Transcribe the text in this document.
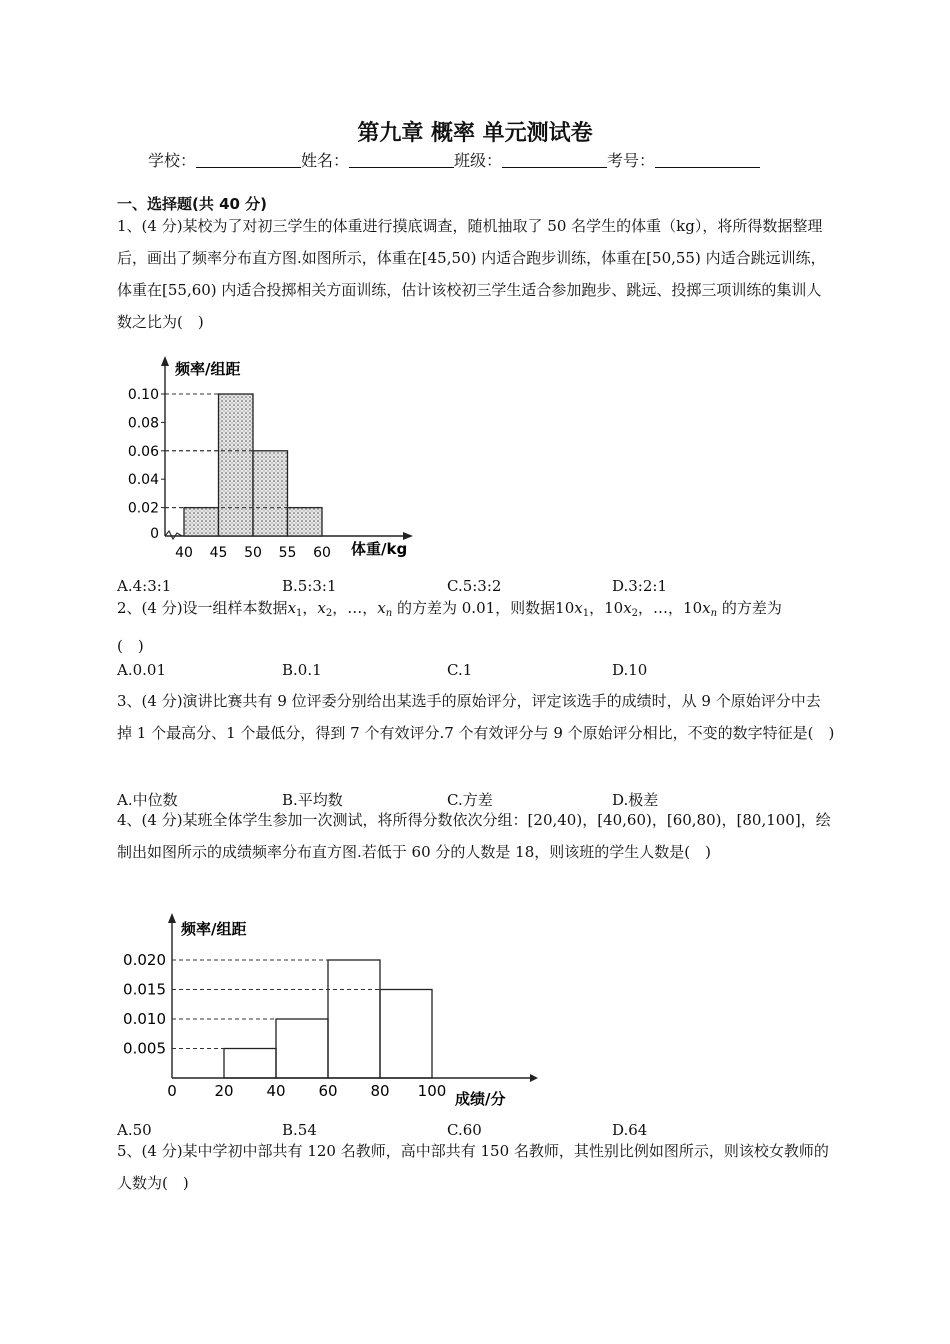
第九章 概率 单元测试卷
学校：	姓名：	班级：	考号：
一、选择题(共 40 分)
1、(4 分)某校为了对初三学生的体重进行摸底调查，随机抽取了 50 名学生的体重（kg），将所得数据整理后，画出了频率分布直方图.如图所示，体重在[45,50) 内适合跑步训练，体重在[50,55) 内适合跳远训练，体重在[55,60) 内适合投掷相关方面训练，估计该校初三学生适合参加跑步、跳远、投掷三项训练的集训人数之比为(　)
0
0.02
0.04
0.06
0.08
0.10
40 45 50 55 60
频率/组距
体重/kg
A.4:3:1	B.5:3:1	C.5:3:2	D.3:2:1
2、(4 分)设一组样本数据$x_1$，$x_2$，…，$x_n$ 的方差为 0.01，则数据$10x_1$，$10x_2$，…，$10x_n$ 的方差为
(　)
A.0.01	B.0.1	C.1	D.10
3、(4 分)演讲比赛共有 9 位评委分别给出某选手的原始评分，评定该选手的成绩时，从 9 个原始评分中去掉 1 个最高分、1 个最低分，得到 7 个有效评分.7 个有效评分与 9 个原始评分相比，不变的数字特征是(　)
A.中位数	B.平均数	C.方差	D.极差
4、(4 分)某班全体学生参加一次测试，将所得分数依次分组：[20,40)，[40,60)，[60,80)，[80,100]，绘制出如图所示的成绩频率分布直方图.若低于 60 分的人数是 18，则该班的学生人数是(　)
0.005
0.010
0.015
0.020
0	20 40 60 80 100
频率/组距
成绩/分
A.50	B.54	C.60	D.64
5、(4 分)某中学初中部共有 120 名教师，高中部共有 150 名教师，其性别比例如图所示，则该校女教师的人数为(　)
